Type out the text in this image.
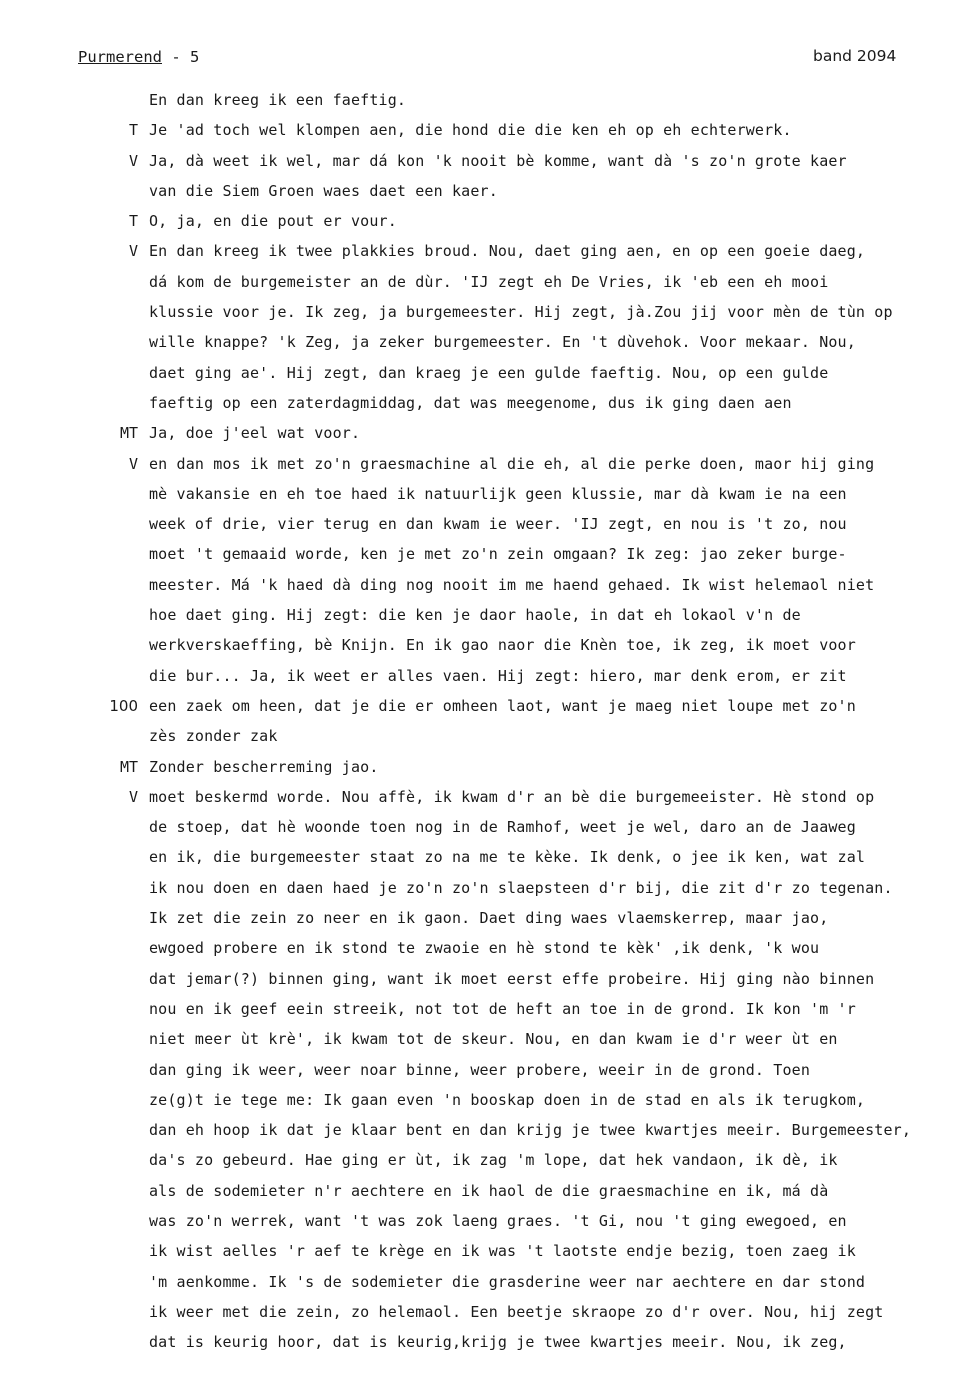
Purmerend - 5	band 2094
En dan kreeg ik een faeftig.
T Je 'ad toch wel klompen aen, die hond die die ken eh op eh echterwerk.
V Ja, dà weet ik wel, mar dá kon 'k nooit bè komme, want dà 's zo'n grote kaer
van die Siem Groen waes daet een kaer.
T O, ja, en die pout er vour.
V En dan kreeg ik twee plakkies broud. Nou, daet ging aen, en op een goeie daeg,
dá kom de burgemeister an de dùr. 'IJ zegt eh De Vries, ik 'eb een eh mooi
klussie voor je. Ik zeg, ja burgemeester. Hij zegt, jà.Zou jij voor mèn de tùn op
wille knappe? 'k Zeg, ja zeker burgemeester. En 't dùvehok. Voor mekaar. Nou,
daet ging ae'. Hij zegt, dan kraeg je een gulde faeftig. Nou, op een gulde
faeftig op een zaterdagmiddag, dat was meegenome, dus ik ging daen aen
MT Ja, doe j'eel wat voor.
V en dan mos ik met zo'n graesmachine al die eh, al die perke doen, maor hij ging
mè vakansie en eh toe haed ik natuurlijk geen klussie, mar dà kwam ie na een
week of drie, vier terug en dan kwam ie weer. 'IJ zegt, en nou is 't zo, nou
moet 't gemaaid worde, ken je met zo'n zein omgaan? Ik zeg: jao zeker burge-
meester. Má 'k haed dà ding nog nooit im me haend gehaed. Ik wist helemaol niet
hoe daet ging. Hij zegt: die ken je daor haole, in dat eh lokaol v'n de
werkverskaeffing, bè Knijn. En ik gao naor die Knèn toe, ik zeg, ik moet voor
die bur... Ja, ik weet er alles vaen. Hij zegt: hiero, mar denk erom, er zit
100 een zaek om heen, dat je die er omheen laot, want je maeg niet loupe met zo'n
zès zonder zak
MT Zonder bescherreming jao.
V moet beskermd worde. Nou affè, ik kwam d'r an bè die burgemeeister. Hè stond op
de stoep, dat hè woonde toen nog in de Ramhof, weet je wel, daro an de Jaaweg
en ik, die burgemeester staat zo na me te kèke. Ik denk, o jee ik ken, wat zal
ik nou doen en daen haed je zo'n zo'n slaepsteen d'r bij, die zit d'r zo tegenan.
Ik zet die zein zo neer en ik gaon. Daet ding waes vlaemskerrep, maar jao,
ewgoed probere en ik stond te zwaoie en hè stond te kèk' ,ik denk, 'k wou
dat jemar(?) binnen ging, want ik moet eerst effe probeire. Hij ging nào binnen
nou en ik geef eein streeik, not tot de heft an toe in de grond. Ik kon 'm 'r
niet meer ùt krè', ik kwam tot de skeur. Nou, en dan kwam ie d'r weer ùt en
dan ging ik weer, weer noar binne, weer probere, weeir in de grond. Toen
ze(g)t ie tege me: Ik gaan even 'n booskap doen in de stad en als ik terugkom,
dan eh hoop ik dat je klaar bent en dan krijg je twee kwartjes meeir. Burgemeester,
da's zo gebeurd. Hae ging er ùt, ik zag 'm lope, dat hek vandaon, ik dè, ik
als de sodemieter n'r aechtere en ik haol de die graesmachine en ik, má dà
was zo'n werrek, want 't was zok laeng graes. 't Gi, nou 't ging ewegoed, en
ik wist aelles 'r aef te krège en ik was 't laotste endje bezig, toen zaeg ik
'm aenkomme. Ik 's de sodemieter die grasderine weer nar aechtere en dar stond
ik weer met die zein, zo helemaol. Een beetje skraope zo d'r over. Nou, hij zegt
dat is keurig hoor, dat is keurig,krijg je twee kwartjes meeir. Nou, ik zeg,
